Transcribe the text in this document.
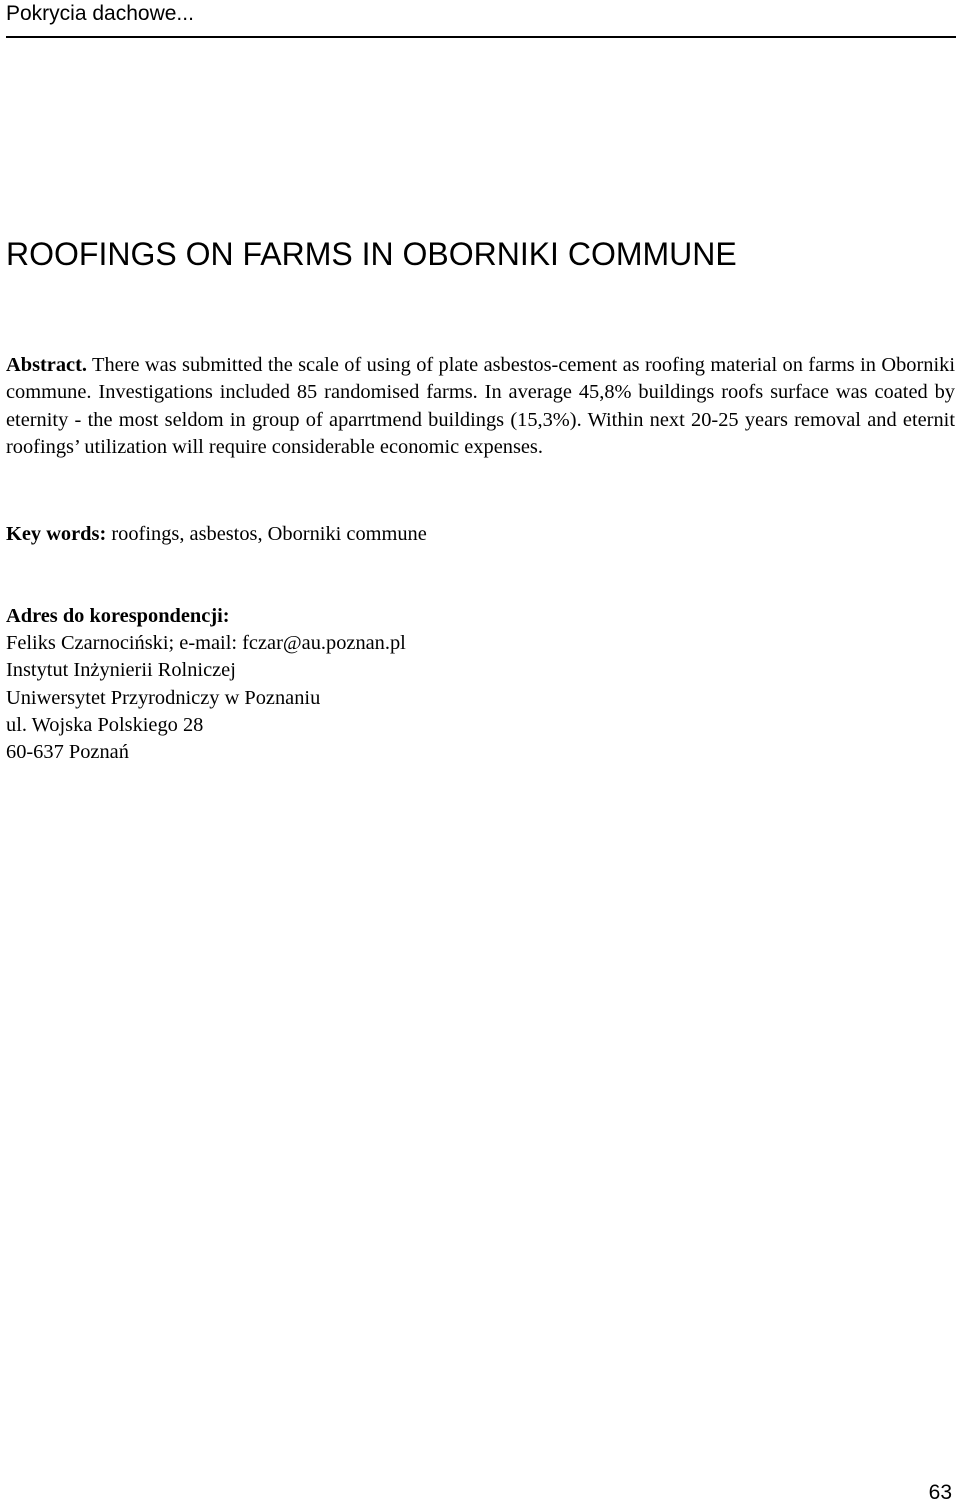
Pokrycia dachowe...
ROOFINGS ON FARMS IN OBORNIKI COMMUNE

Abstract. There was submitted the scale of using of plate asbestos-cement as roofing material on farms in Oborniki commune. Investigations included 85 randomised farms. In average 45,8% buildings roofs surface was coated by eternity - the most seldom in group of aparrtmend buildings (15,3%). Within next 20-25 years removal and eternit roofings’ utilization will require considerable economic expenses.

Key words: roofings, asbestos, Oborniki commune

Adres do korespondencji:
Feliks Czarnociński; e-mail: fczar@au.poznan.pl
Instytut Inżynierii Rolniczej
Uniwersytet Przyrodniczy w Poznaniu
ul. Wojska Polskiego 28
60-637 Poznań
63
